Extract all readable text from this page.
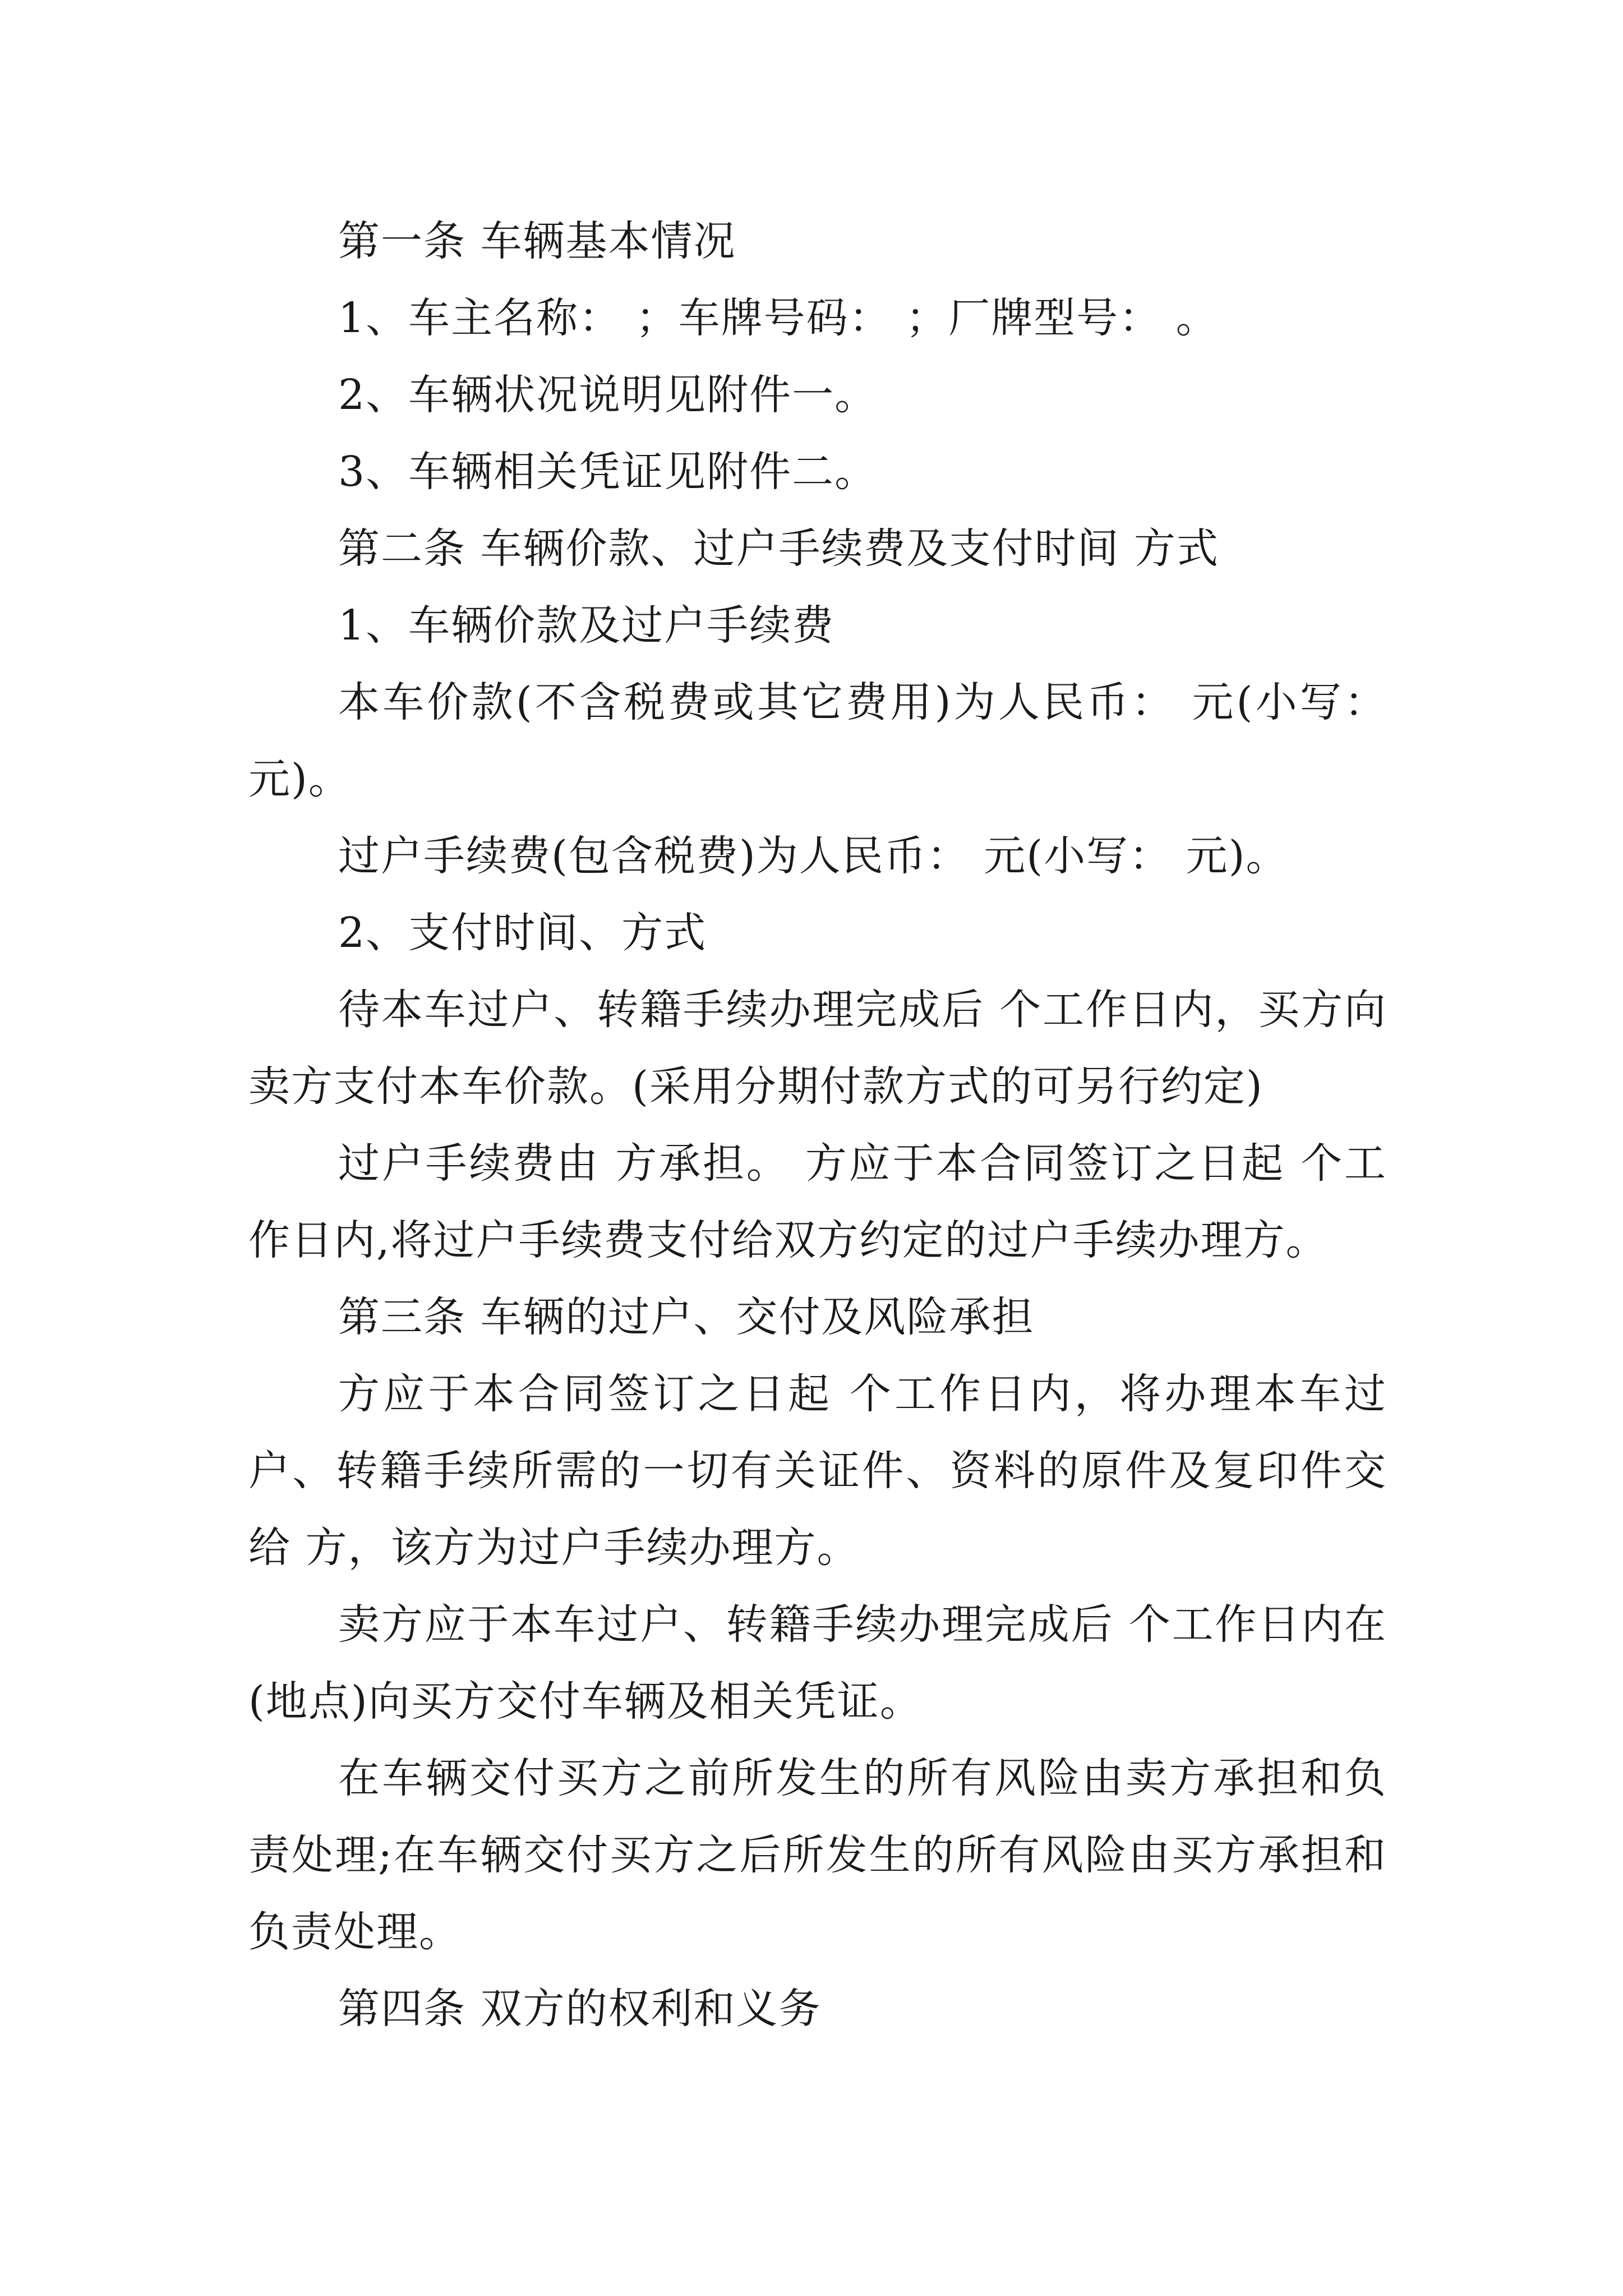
第一条 车辆基本情况

1、车主名称： ；车牌号码： ；厂牌型号： 。

2、车辆状况说明见附件一。

3、车辆相关凭证见附件二。

第二条 车辆价款、过户手续费及支付时间 方式

1、车辆价款及过户手续费

本车价款(不含税费或其它费用)为人民币： 元(小写：元)。

过户手续费(包含税费)为人民币： 元(小写： 元)。

2、支付时间、方式

待本车过户、转籍手续办理完成后 个工作日内，买方向卖方支付本车价款。(采用分期付款方式的可另行约定)

过户手续费由 方承担。 方应于本合同签订之日起 个工作日内,将过户手续费支付给双方约定的过户手续办理方。

第三条 车辆的过户、交付及风险承担

方应于本合同签订之日起 个工作日内，将办理本车过户、转籍手续所需的一切有关证件、资料的原件及复印件交给 方，该方为过户手续办理方。

卖方应于本车过户、转籍手续办理完成后 个工作日内在 (地点)向买方交付车辆及相关凭证。

在车辆交付买方之前所发生的所有风险由卖方承担和负责处理;在车辆交付买方之后所发生的所有风险由买方承担和负责处理。

第四条 双方的权利和义务
